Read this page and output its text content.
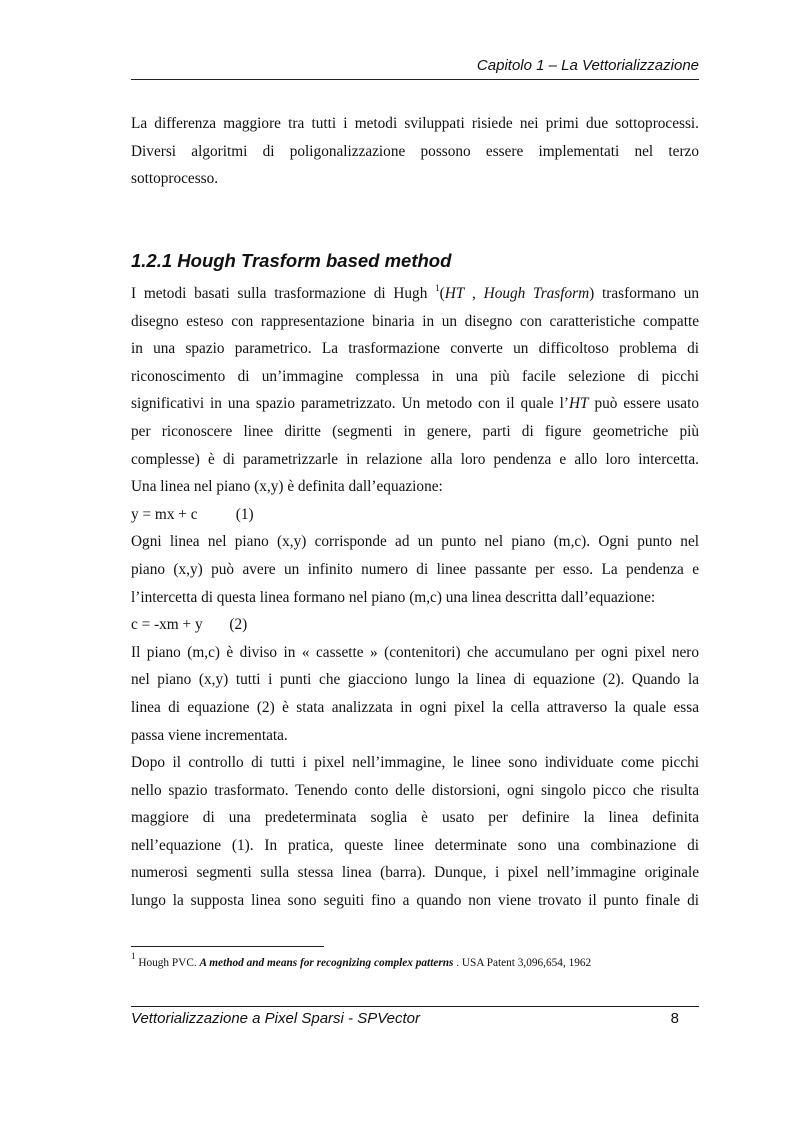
Capitolo 1 – La Vettorializzazione
La differenza maggiore tra tutti i metodi sviluppati risiede nei primi due sottoprocessi.
Diversi algoritmi di poligonalizzazione possono essere implementati nel terzo
sottoprocesso.
1.2.1 Hough Trasform based method
I metodi basati sulla trasformazione di Hugh $^1$(HT , Hough Trasform) trasformano un
disegno esteso con rappresentazione binaria in un disegno con caratteristiche compatte
in una spazio parametrico. La trasformazione converte un difficoltoso problema di
riconoscimento di un’immagine complessa in una più facile selezione di picchi
significativi in una spazio parametrizzato. Un metodo con il quale l’HT può essere usato
per riconoscere linee diritte (segmenti in genere, parti di figure geometriche più
complesse) è di parametrizzarle in relazione alla loro pendenza e allo loro intercetta.
Una linea nel piano (x,y) è definita dall’equazione:
y = mx + c          (1)
Ogni linea nel piano (x,y) corrisponde ad un punto nel piano (m,c). Ogni punto nel
piano (x,y) può avere un infinito numero di linee passante per esso. La pendenza e
l’intercetta di questa linea formano nel piano (m,c) una linea descritta dall’equazione:
c = -xm + y       (2)
Il piano (m,c) è diviso in « cassette » (contenitori) che accumulano per ogni pixel nero
nel piano (x,y) tutti i punti che giacciono lungo la linea di equazione (2). Quando la
linea di equazione (2) è stata analizzata in ogni pixel la cella attraverso la quale essa
passa viene incrementata.
Dopo il controllo di tutti i pixel nell’immagine, le linee sono individuate come picchi
nello spazio trasformato. Tenendo conto delle distorsioni, ogni singolo picco che risulta
maggiore di una predeterminata soglia è usato per definire la linea definita
nell’equazione (1). In pratica, queste linee determinate sono una combinazione di
numerosi segmenti sulla stessa linea (barra). Dunque, i pixel nell’immagine originale
lungo la supposta linea sono seguiti fino a quando non viene trovato il punto finale di
$^1$ Hough PVC. A method and means for recognizing complex patterns . USA Patent 3,096,654, 1962
Vettorializzazione a Pixel Sparsi - SPVector	8
